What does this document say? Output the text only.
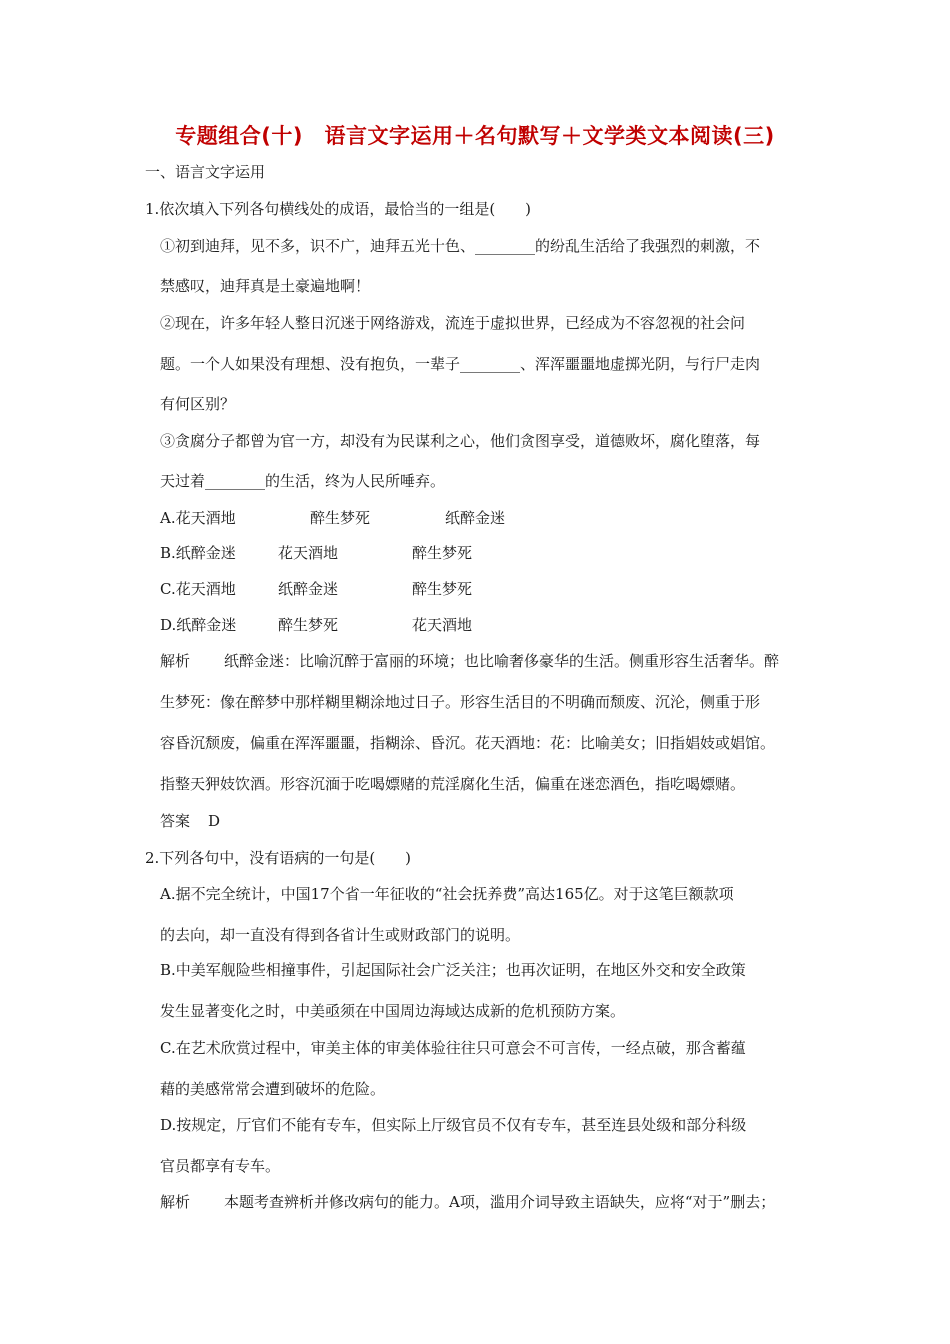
专题组合(十)　语言文字运用＋名句默写＋文学类文本阅读(三)
一、语言文字运用
1.依次填入下列各句横线处的成语，最恰当的一组是(　　)
①初到迪拜，见不多，识不广，迪拜五光十色、________的纷乱生活给了我强烈的刺激，不
禁感叹，迪拜真是土豪遍地啊！
②现在，许多年轻人整日沉迷于网络游戏，流连于虚拟世界，已经成为不容忽视的社会问
题。一个人如果没有理想、没有抱负，一辈子________、浑浑噩噩地虚掷光阴，与行尸走肉
有何区别？
③贪腐分子都曾为官一方，却没有为民谋利之心，他们贪图享受，道德败坏，腐化堕落，每
天过着________的生活，终为人民所唾弃。
A.花天酒地	醉生梦死	纸醉金迷
B.纸醉金迷	花天酒地	醉生梦死
C.花天酒地	纸醉金迷	醉生梦死
D.纸醉金迷	醉生梦死	花天酒地
解析 纸醉金迷：比喻沉醉于富丽的环境；也比喻奢侈豪华的生活。侧重形容生活奢华。醉
生梦死：像在醉梦中那样糊里糊涂地过日子。形容生活目的不明确而颓废、沉沦，侧重于形
容昏沉颓废，偏重在浑浑噩噩，指糊涂、昏沉。花天酒地：花：比喻美女；旧指娼妓或娼馆。
指整天狎妓饮酒。形容沉湎于吃喝嫖赌的荒淫腐化生活，偏重在迷恋酒色，指吃喝嫖赌。
答案 D
2.下列各句中，没有语病的一句是(　　)
A.据不完全统计，中国17个省一年征收的“社会抚养费”高达165亿。对于这笔巨额款项
的去向，却一直没有得到各省计生或财政部门的说明。
B.中美军舰险些相撞事件，引起国际社会广泛关注；也再次证明，在地区外交和安全政策
发生显著变化之时，中美亟须在中国周边海域达成新的危机预防方案。
C.在艺术欣赏过程中，审美主体的审美体验往往只可意会不可言传，一经点破，那含蓄蕴
藉的美感常常会遭到破坏的危险。
D.按规定，厅官们不能有专车，但实际上厅级官员不仅有专车，甚至连县处级和部分科级
官员都享有专车。
解析 本题考查辨析并修改病句的能力。A项，滥用介词导致主语缺失，应将“对于”删去；
